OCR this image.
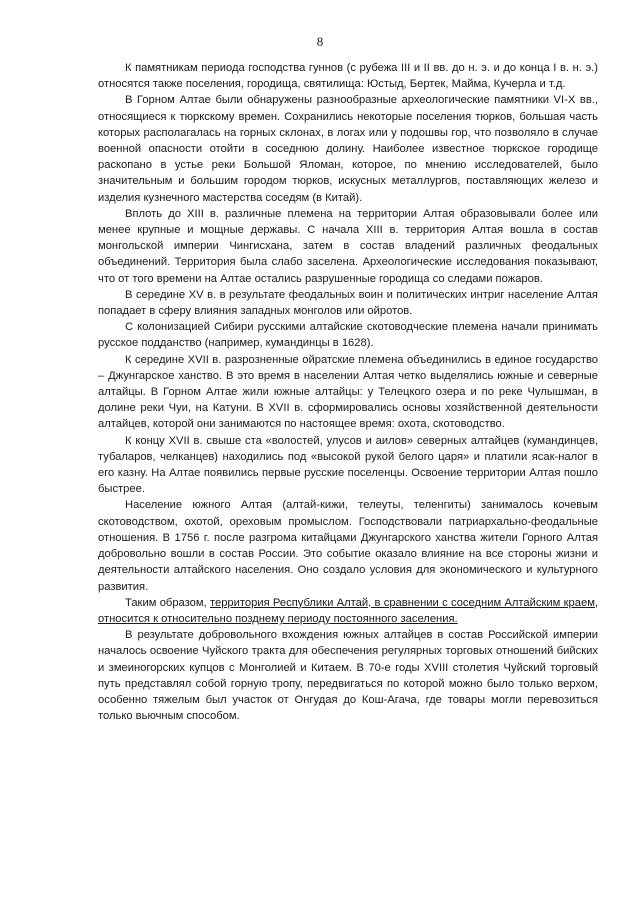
8

К памятникам периода господства гуннов (с рубежа III и II вв. до н. э. и до конца I в. н. э.) относятся также поселения, городища, святилища: Юстыд, Бертек, Майма, Кучерла и т.д.

В Горном Алтае были обнаружены разнообразные археологические памятники VI-X вв., относящиеся к тюркскому времен. Сохранились некоторые поселения тюрков, большая часть которых располагалась на горных склонах, в логах или у подошвы гор, что позволяло в случае военной опасности отойти в соседнюю долину. Наиболее известное тюркское городище раскопано в устье реки Большой Яломан, которое, по мнению исследователей, было значительным и большим городом тюрков, искусных металлургов, поставляющих железо и изделия кузнечного мастерства соседям (в Китай).

Вплоть до XIII в. различные племена на территории Алтая образовывали более или менее крупные и мощные державы. С начала XIII в. территория Алтая вошла в состав монгольской империи Чингисхана, затем в состав владений различных феодальных объединений. Территория была слабо заселена. Археологические исследования показывают, что от того времени на Алтае остались разрушенные городища со следами пожаров.

В середине XV в. в результате феодальных воин и политических интриг население Алтая попадает в сферу влияния западных монголов или ойротов.

С колонизацией Сибири русскими алтайские скотоводческие племена начали принимать русское подданство (например, кумандинцы в 1628).

К середине XVII в. разрозненные ойратские племена объединились в единое государство – Джунгарское ханство. В это время в населении Алтая четко выделялись южные и северные алтайцы. В Горном Алтае жили южные алтайцы: у Телецкого озера и по реке Чулышман, в долине реки Чуи, на Катуни. В XVII в. сформировались основы хозяйственной деятельности алтайцев, которой они занимаются по настоящее время: охота, скотоводство.

К концу XVII в. свыше ста «волостей, улусов и аилов» северных алтайцев (кумандинцев, тубаларов, челканцев) находились под «высокой рукой белого царя» и платили ясак-налог в его казну. На Алтае появились первые русские поселенцы. Освоение территории Алтая пошло быстрее.

Население южного Алтая (алтай-кижи, телеуты, теленгиты) занималось кочевым скотоводством, охотой, ореховым промыслом. Господствовали патриархально-феодальные отношения. В 1756 г. после разгрома китайцами Джунгарского ханства жители Горного Алтая добровольно вошли в состав России. Это событие оказало влияние на все стороны жизни и деятельности алтайского населения. Оно создало условия для экономического и культурного развития.

Таким образом, территория Республики Алтай, в сравнении с соседним Алтайским краем, относится к относительно позднему периоду постоянного заселения.

В результате добровольного вхождения южных алтайцев в состав Российской империи началось освоение Чуйского тракта для обеспечения регулярных торговых отношений бийских и змеиногорских купцов с Монголией и Китаем. В 70-е годы XVIII столетия Чуйский торговый путь представлял собой горную тропу, передвигаться по которой можно было только верхом, особенно тяжелым был участок от Онгудая до Кош-Агача, где товары могли перевозиться только вьючным способом.
